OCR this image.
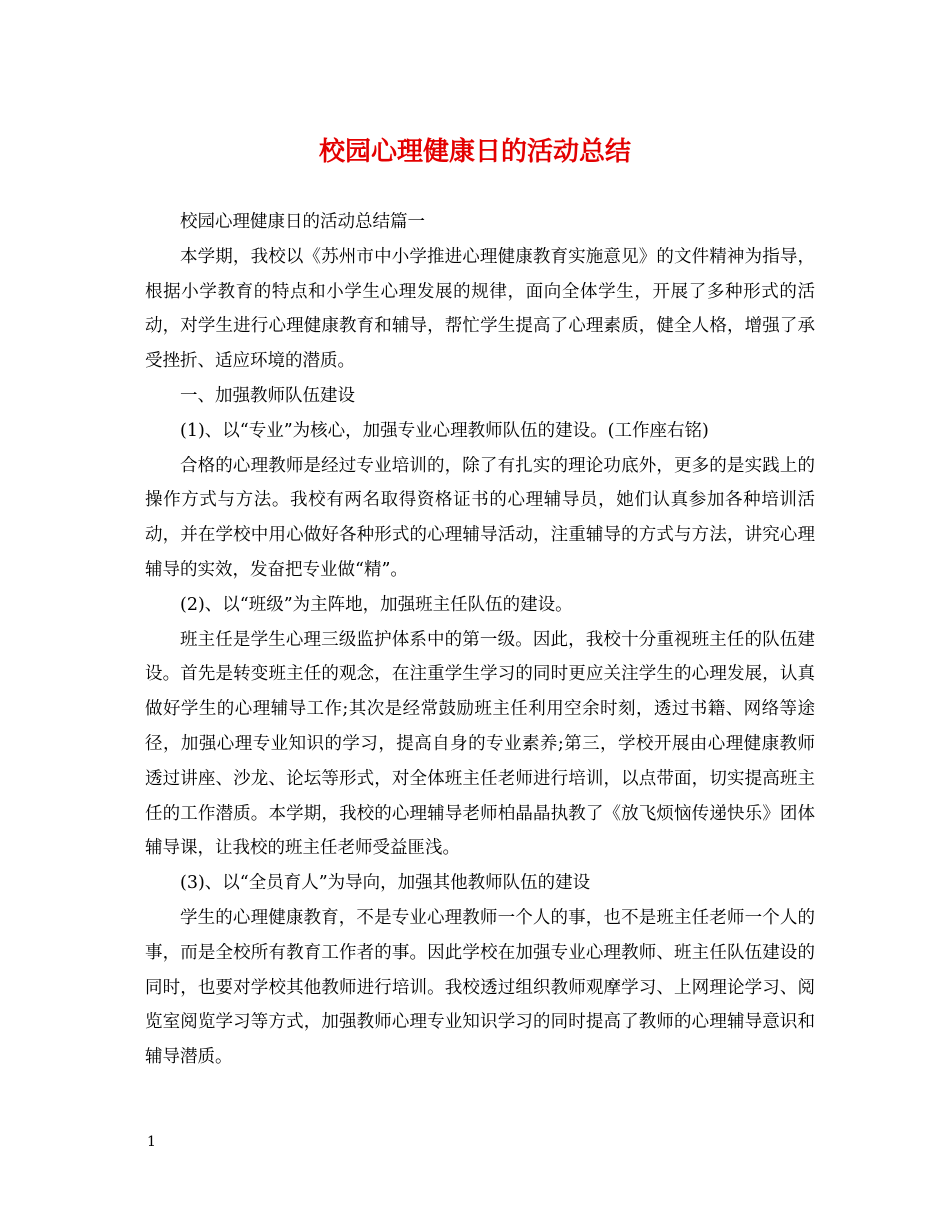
校园心理健康日的活动总结

校园心理健康日的活动总结篇一

本学期，我校以《苏州市中小学推进心理健康教育实施意见》的文件精神为指导，根据小学教育的特点和小学生心理发展的规律，面向全体学生，开展了多种形式的活动，对学生进行心理健康教育和辅导，帮忙学生提高了心理素质，健全人格，增强了承受挫折、适应环境的潜质。

一、加强教师队伍建设

(1)、以“专业”为核心，加强专业心理教师队伍的建设。(工作座右铭)

合格的心理教师是经过专业培训的，除了有扎实的理论功底外，更多的是实践上的操作方式与方法。我校有两名取得资格证书的心理辅导员，她们认真参加各种培训活动，并在学校中用心做好各种形式的心理辅导活动，注重辅导的方式与方法，讲究心理辅导的实效，发奋把专业做“精”。

(2)、以“班级”为主阵地，加强班主任队伍的建设。

班主任是学生心理三级监护体系中的第一级。因此，我校十分重视班主任的队伍建设。首先是转变班主任的观念，在注重学生学习的同时更应关注学生的心理发展，认真做好学生的心理辅导工作;其次是经常鼓励班主任利用空余时刻，透过书籍、网络等途径，加强心理专业知识的学习，提高自身的专业素养;第三，学校开展由心理健康教师透过讲座、沙龙、论坛等形式，对全体班主任老师进行培训，以点带面，切实提高班主任的工作潜质。本学期，我校的心理辅导老师柏晶晶执教了《放飞烦恼传递快乐》团体辅导课，让我校的班主任老师受益匪浅。

(3)、以“全员育人”为导向，加强其他教师队伍的建设

学生的心理健康教育，不是专业心理教师一个人的事，也不是班主任老师一个人的事，而是全校所有教育工作者的事。因此学校在加强专业心理教师、班主任队伍建设的同时，也要对学校其他教师进行培训。我校透过组织教师观摩学习、上网理论学习、阅览室阅览学习等方式，加强教师心理专业知识学习的同时提高了教师的心理辅导意识和辅导潜质。

1
